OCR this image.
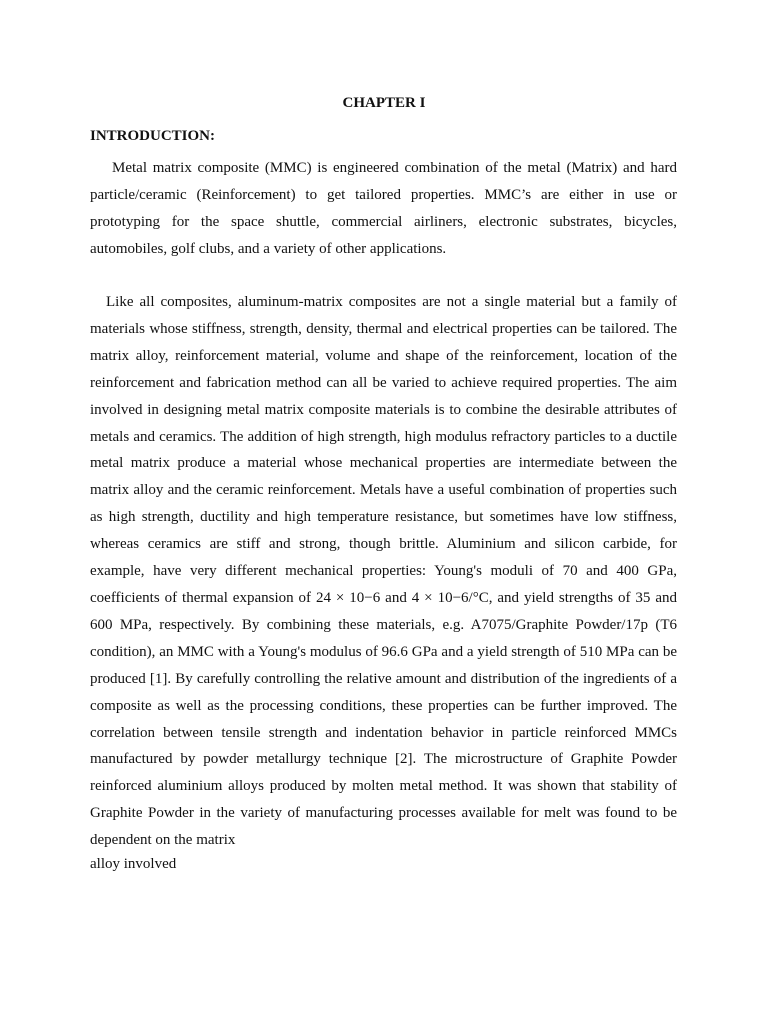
CHAPTER I
INTRODUCTION:

Metal matrix composite (MMC) is engineered combination of the metal (Matrix) and hard particle/ceramic (Reinforcement) to get tailored properties. MMC’s are either in use or prototyping for the space shuttle, commercial airliners, electronic substrates, bicycles, automobiles, golf clubs, and a variety of other applications.

Like all composites, aluminum-matrix composites are not a single material but a family of materials whose stiffness, strength, density, thermal and electrical properties can be tailored. The matrix alloy, reinforcement material, volume and shape of the reinforcement, location of the reinforcement and fabrication method can all be varied to achieve required properties. The aim involved in designing metal matrix composite materials is to combine the desirable attributes of metals and ceramics. The addition of high strength, high modulus refractory particles to a ductile metal matrix produce a material whose mechanical properties are intermediate between the matrix alloy and the ceramic reinforcement. Metals have a useful combination of properties such as high strength, ductility and high temperature resistance, but sometimes have low stiffness, whereas ceramics are stiff and strong, though brittle. Aluminium and silicon carbide, for example, have very different mechanical properties: Young's moduli of 70 and 400 GPa, coefficients of thermal expansion of 24 × 10−6 and 4 × 10−6/°C, and yield strengths of 35 and 600 MPa, respectively. By combining these materials, e.g. A7075/Graphite Powder/17p (T6 condition), an MMC with a Young's modulus of 96.6 GPa and a yield strength of 510 MPa can be produced [1]. By carefully controlling the relative amount and distribution of the ingredients of a composite as well as the processing conditions, these properties can be further improved. The correlation between tensile strength and indentation behavior in particle reinforced MMCs manufactured by powder metallurgy technique [2]. The microstructure of Graphite Powder reinforced aluminium alloys produced by molten metal method. It was shown that stability of Graphite Powder in the variety of manufacturing processes available for melt was found to be dependent on the matrix

alloy involved
